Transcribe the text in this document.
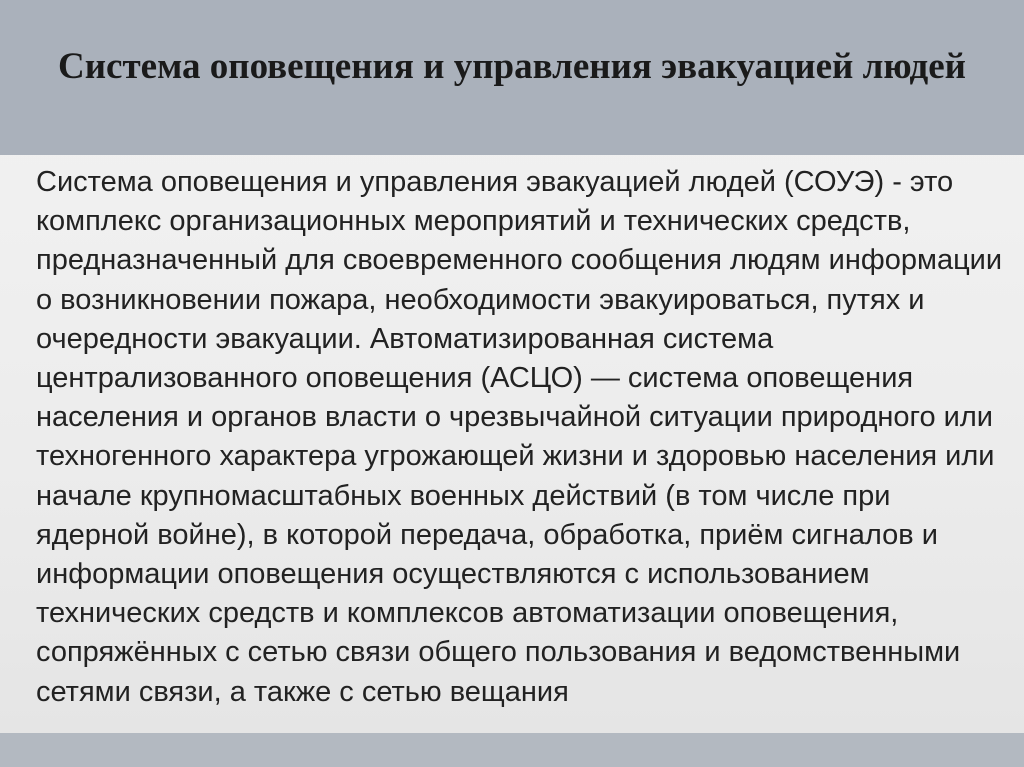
Система оповещения и управления эвакуацией людей

Система оповещения и управления эвакуацией людей (СОУЭ) - это комплекс организационных мероприятий и технических средств, предназначенный для своевременного сообщения людям информации о возникновении пожара, необходимости эвакуироваться, путях и очередности эвакуации. Автоматизированная система централизованного оповещения (АСЦО) — система оповещения населения и органов власти о чрезвычайной ситуации природного или техногенного характера угрожающей жизни и здоровью населения или начале крупномасштабных военных действий (в том числе при ядерной войне), в которой передача, обработка, приём сигналов и информации оповещения осуществляются с использованием технических средств и комплексов автоматизации оповещения, сопряжённых с сетью связи общего пользования и ведомственными сетями связи, а также с сетью вещания
